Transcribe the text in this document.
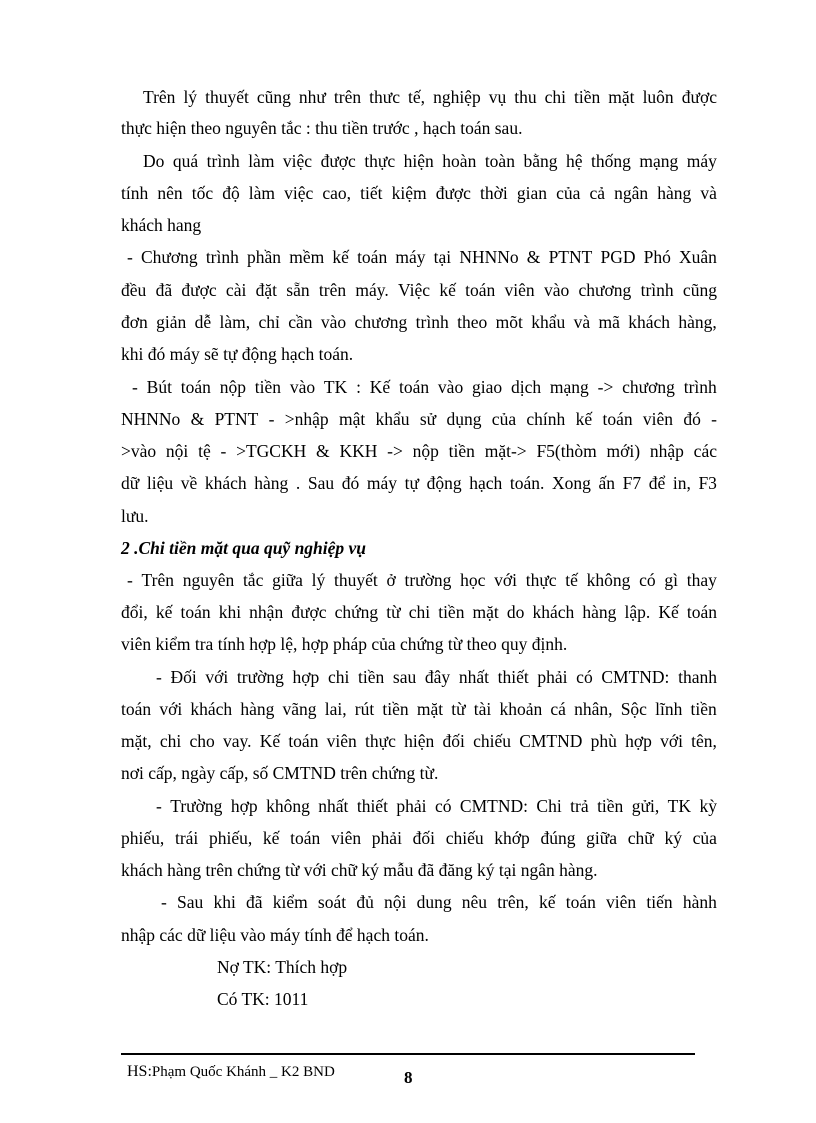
Trên lý thuyết cũng như trên thưc tế, nghiệp vụ thu chi tiền mặt luôn được
thực hiện theo nguyên tắc : thu tiền trước , hạch toán sau.
Do quá trình làm việc được thực hiện hoàn toàn bằng hệ thống mạng máy
tính nên tốc độ làm việc cao, tiết kiệm được thời gian của cả ngân hàng và
khách hang
- Chương trình phần mềm kế toán máy tại NHNNo & PTNT PGD Phó Xuân
đều đã được cài đặt sẵn trên máy. Việc kế toán viên vào chương trình cũng
đơn giản dễ làm, chỉ cần vào chương trình theo mõt khẩu và mã khách hàng,
khi đó máy sẽ tự động hạch toán.
- Bút toán nộp tiền vào TK : Kế toán vào giao dịch mạng -> chương trình
NHNNo & PTNT - >nhập mật khẩu sử dụng của chính kế toán viên đó -
>vào nội tệ - >TGCKH & KKH -> nộp tiền mặt-> F5(thòm mới) nhập các
dữ liệu về khách hàng . Sau đó máy tự động hạch toán. Xong ấn F7 để in, F3
lưu.
2 .Chi tiền mặt qua quỹ nghiệp vụ
- Trên nguyên tắc giữa lý thuyết ở trường học với thực tế không có gì thay
đổi, kế toán khi nhận được chứng từ chi tiền mặt do khách hàng lập. Kế toán
viên kiểm tra tính hợp lệ, hợp pháp của chứng từ theo quy định.
- Đối với trường hợp chi tiền sau đây nhất thiết phải có CMTND: thanh
toán với khách hàng vãng lai, rút tiền mặt từ tài khoản cá nhân, Sộc lĩnh tiền
mặt, chi cho vay. Kế toán viên thực hiện đối chiếu CMTND phù hợp với tên,
nơi cấp, ngày cấp, số CMTND trên chứng từ.
- Trường hợp không nhất thiết phải có CMTND: Chi trả tiền gửi, TK kỳ
phiếu, trái phiếu, kế toán viên phải đối chiếu khớp đúng giữa chữ ký của
khách hàng trên chứng từ với chữ ký mẫu đã đăng ký tại ngân hàng.
- Sau khi đã kiểm soát đủ nội dung nêu trên, kế toán viên tiến hành
nhập các dữ liệu vào máy tính để hạch toán.
Nợ TK: Thích hợp
Có TK: 1011
HS:Phạm Quốc Khánh _ K2 BND	8
